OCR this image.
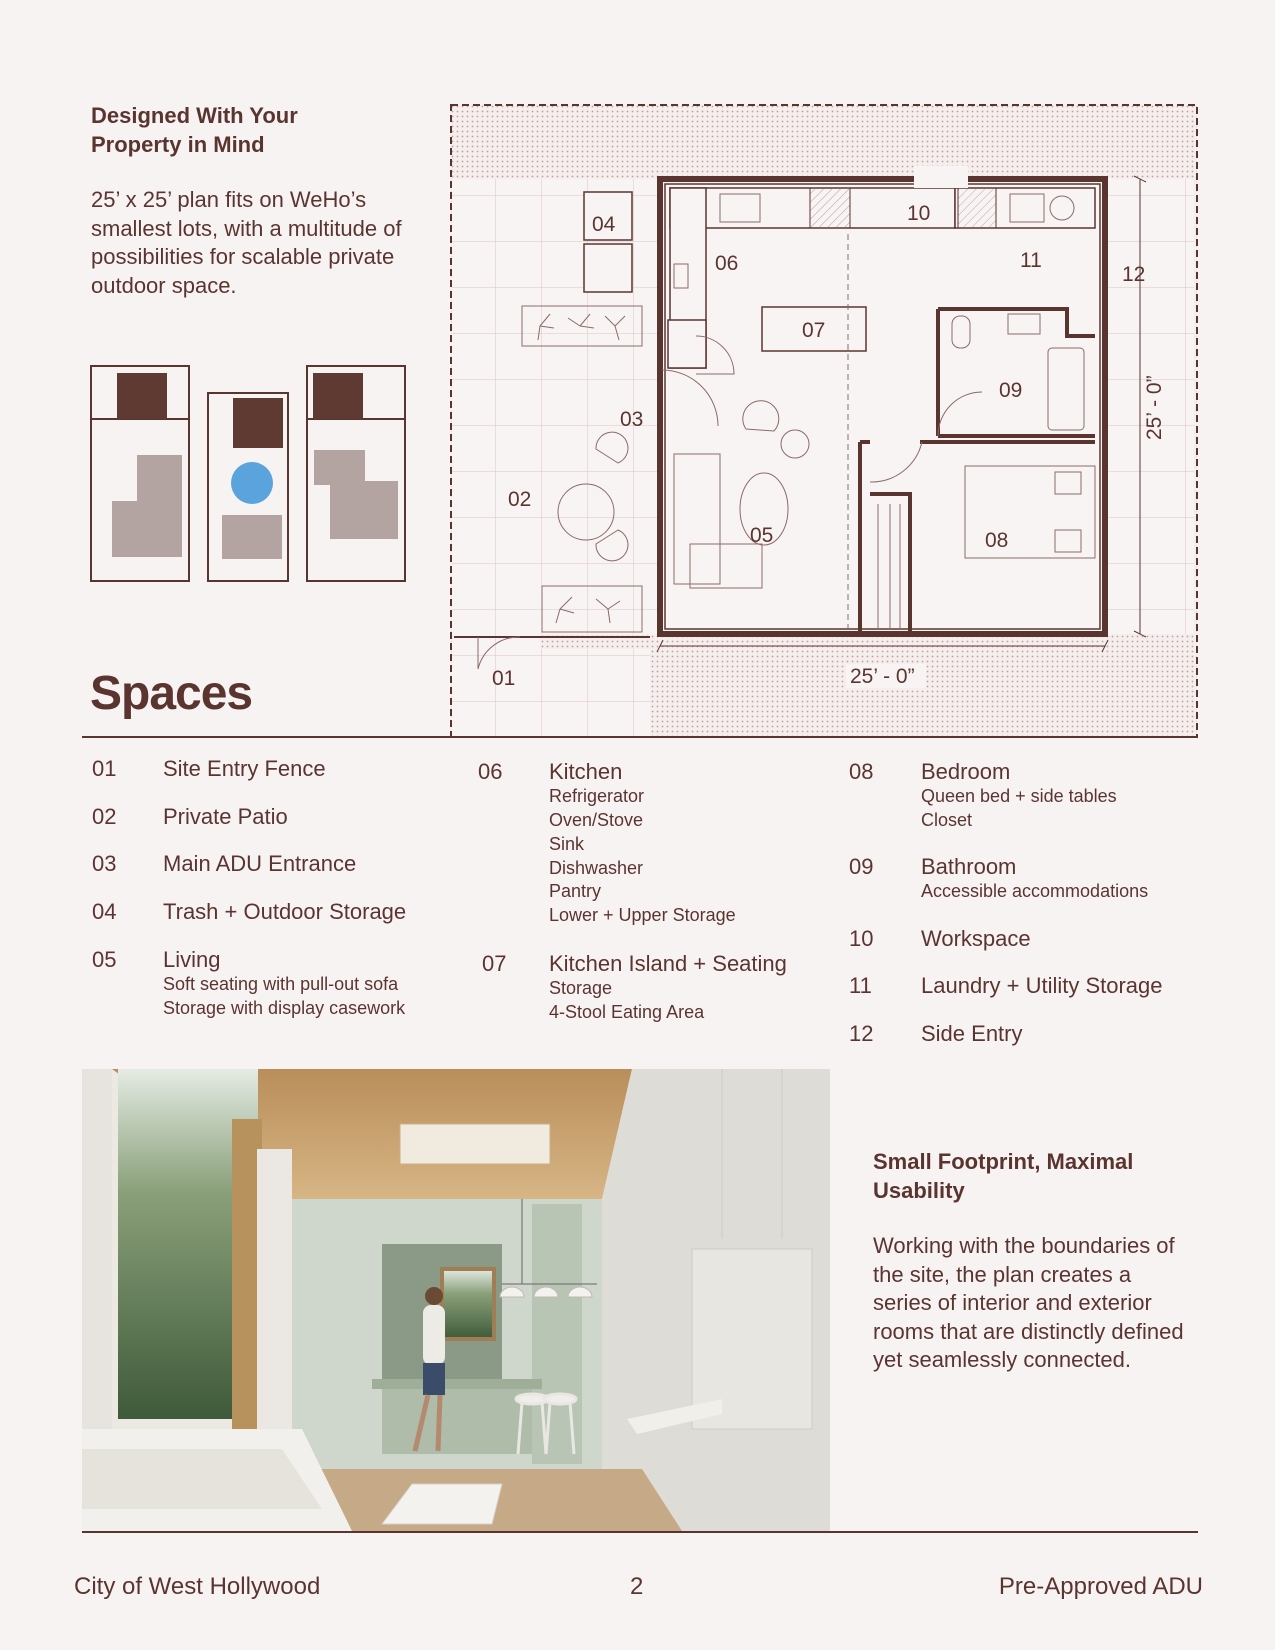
Designed With Your Property in Mind

25’ x 25’ plan fits on WeHo’s smallest lots, with a multitude of possibilities for scalable private outdoor space.

01
02
03
04
05
06
07
08
09
10
11
12
25’ - 0”
25’ - 0”
Spaces
01 Site Entry Fence
02 Private Patio
03 Main ADU Entrance
04 Trash + Outdoor Storage
05 Living
Soft seating with pull-out sofa
Storage with display casework
06 Kitchen
Refrigerator
Oven/Stove
Sink
Dishwasher
Pantry
Lower + Upper Storage
07 Kitchen Island + Seating
Storage
4-Stool Eating Area
08 Bedroom
Queen bed + side tables
Closet
09 Bathroom
Accessible accommodations
10 Workspace
11 Laundry + Utility Storage
12 Side Entry
Small Footprint, Maximal Usability

Working with the boundaries of the site, the plan creates a series of interior and exterior rooms that are distinctly defined yet seamlessly connected.

City of West Hollywood	2	Pre-Approved ADU
